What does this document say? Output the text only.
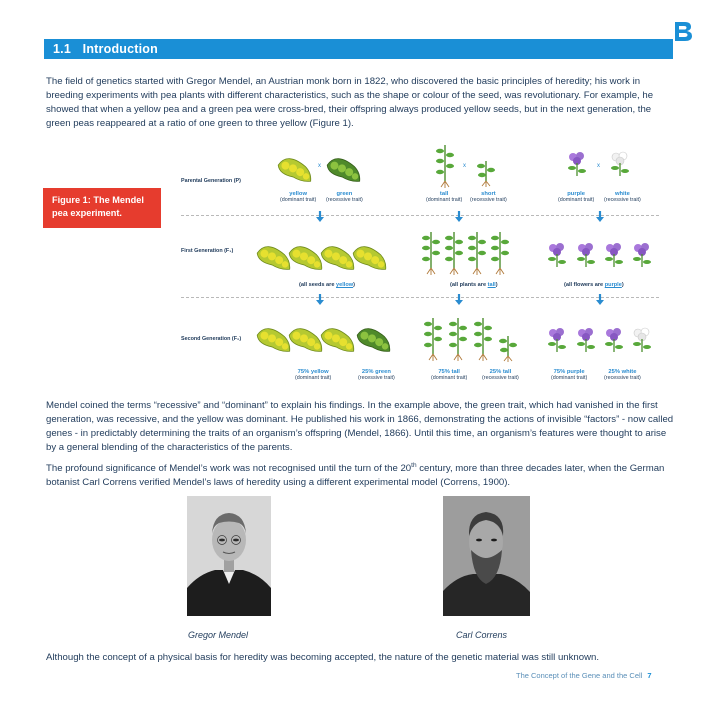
1.1 Introduction

The field of genetics started with Gregor Mendel, an Austrian monk born in 1822, who discovered the basic principles of heredity; his work in breeding experiments with pea plants with different characteristics, such as the shape or colour of the seed, was revolutionary. For example, he showed that when a yellow pea and a green pea were cross-bred, their offspring always produced yellow seeds, but in the next generation, the green peas reappeared at a ratio of one green to three yellow (Figure 1).

Figure 1: The Mendel pea experiment.
Parental Generation (P)
First Generation (F₁)
Second Generation (F₂)
x	x	x
yellow
(dominant trait)
green
(recessive trait)
tall
(dominant trait)
short
(recessive trait)
purple
(dominant trait)
white
(recessive trait)
(all seeds are yellow)	(all plants are tall)	(all flowers are purple)
75% yellow
(dominant trait)
25% green
(recessive trait)
75% tall
(dominant trait)
25% tall
(recessive trait)
75% purple
(dominant trait)
25% white
(recessive trait)

Mendel coined the terms “recessive” and “dominant” to explain his findings. In the example above, the green trait, which had vanished in the first generation, was recessive, and the yellow was dominant. He published his work in 1866, demonstrating the actions of invisible “factors” - now called genes - in predictably determining the traits of an organism’s offspring (Mendel, 1866). Until this time, an organism’s features were thought to arise by a general blending of the characteristics of the parents.

The profound significance of Mendel’s work was not recognised until the turn of the 20th century, more than three decades later, when the German botanist Carl Correns verified Mendel’s laws of heredity using a different experimental model (Correns, 1900).

Gregor Mendel	Carl Correns

Although the concept of a physical basis for heredity was becoming accepted, the nature of the genetic material was still unknown.

The Concept of the Gene and the Cell 7
